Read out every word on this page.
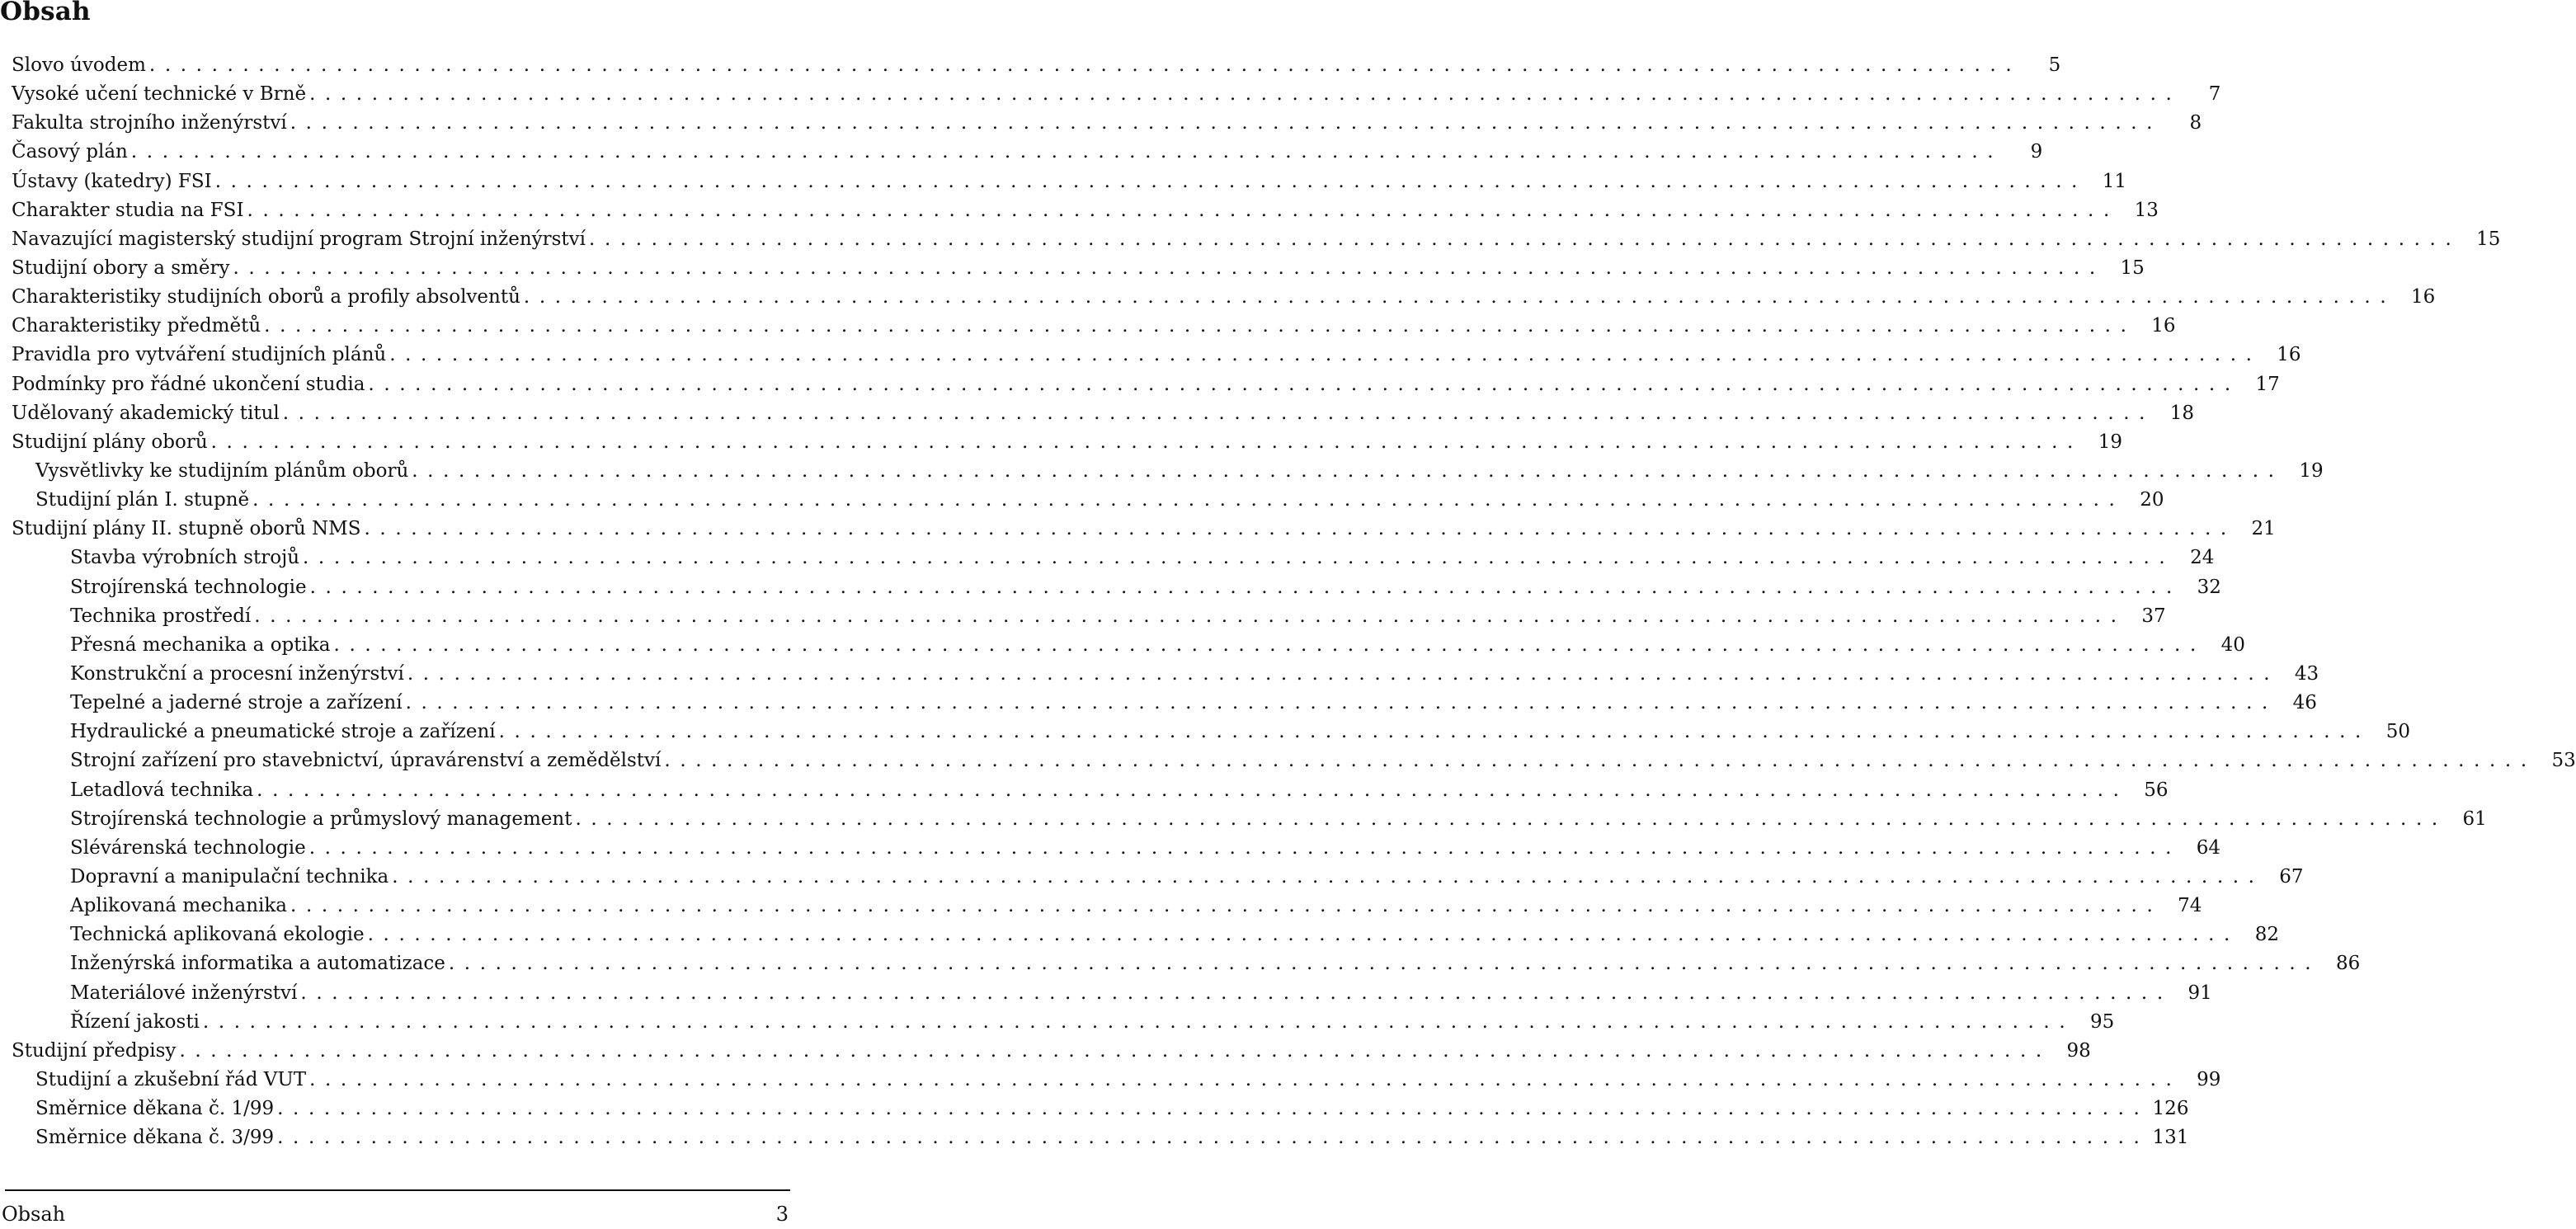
Obsah
Slovo úvodem ........................................................................................................................	5
Vysoké učení technické v Brně ........................................................................................................................	7
Fakulta strojního inženýrství ........................................................................................................................	8
Časový plán ........................................................................................................................	9
Ústavy (katedry) FSI ........................................................................................................................ 11
Charakter studia na FSI ........................................................................................................................ 13
Navazující magisterský studijní program Strojní inženýrství ........................................................................................................................ 15
Studijní obory a směry ........................................................................................................................ 15
Charakteristiky studijních oborů a profily absolventů ........................................................................................................................ 16
Charakteristiky předmětů ........................................................................................................................ 16
Pravidla pro vytváření studijních plánů ........................................................................................................................ 16
Podmínky pro řádné ukončení studia ........................................................................................................................ 17
Udělovaný akademický titul ........................................................................................................................ 18
Studijní plány oborů ........................................................................................................................ 19
Vysvětlivky ke studijním plánům oborů ........................................................................................................................ 19
Studijní plán I. stupně ........................................................................................................................ 20
Studijní plány II. stupně oborů NMS ........................................................................................................................ 21
Stavba výrobních strojů ........................................................................................................................ 24
Strojírenská technologie ........................................................................................................................ 32
Technika prostředí ........................................................................................................................ 37
Přesná mechanika a optika ........................................................................................................................ 40
Konstrukční a procesní inženýrství ........................................................................................................................ 43
Tepelné a jaderné stroje a zařízení ........................................................................................................................ 46
Hydraulické a pneumatické stroje a zařízení ........................................................................................................................ 50
Strojní zařízení pro stavebnictví, úpravárenství a zemědělství ........................................................................................................................ 53
Letadlová technika ........................................................................................................................ 56
Strojírenská technologie a průmyslový management ........................................................................................................................ 61
Slévárenská technologie ........................................................................................................................ 64
Dopravní a manipulační technika ........................................................................................................................ 67
Aplikovaná mechanika ........................................................................................................................ 74
Technická aplikovaná ekologie ........................................................................................................................ 82
Inženýrská informatika a automatizace ........................................................................................................................ 86
Materiálové inženýrství ........................................................................................................................ 91
Řízení jakosti ........................................................................................................................ 95
Studijní předpisy ........................................................................................................................ 98
Studijní a zkušební řád VUT ........................................................................................................................ 99
Směrnice děkana č. 1/99 ........................................................................................................................ 126
Směrnice děkana č. 3/99 ........................................................................................................................ 131
Obsah	3
